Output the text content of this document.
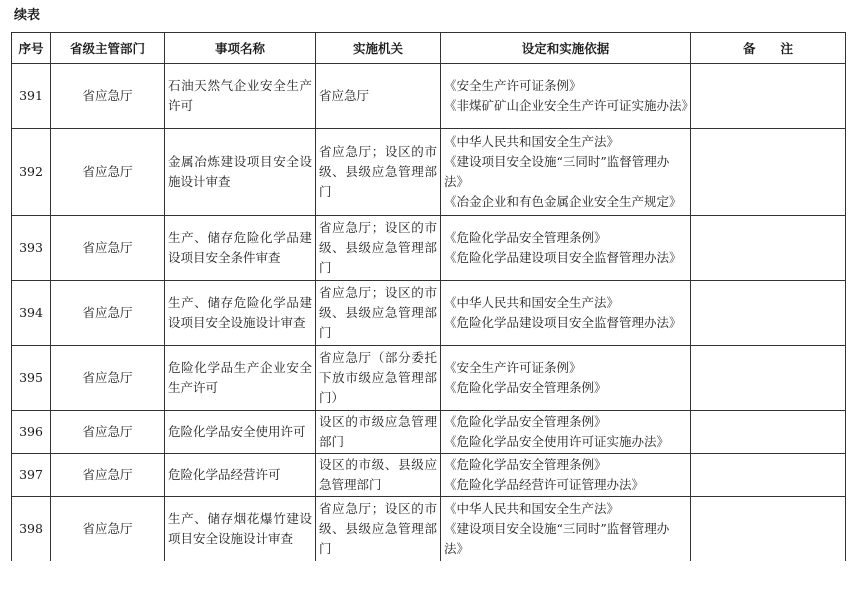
续表
序号	省级主管部门	事项名称	实施机关	设定和实施依据	备　　注
391	省应急厅	石油天然气企业安全生产许可	省应急厅	《安全生产许可证条例》
《非煤矿矿山企业安全生产许可证实施办法》	

392	省应急厅	金属冶炼建设项目安全设施设计审查	省应急厅；设区的市级、县级应急管理部门	《中华人民共和国安全生产法》
《建设项目安全设施“三同时”监督管理办法》
《冶金企业和有色金属企业安全生产规定》	

393	省应急厅	生产、储存危险化学品建设项目安全条件审查	省应急厅；设区的市级、县级应急管理部门	《危险化学品安全管理条例》
《危险化学品建设项目安全监督管理办法》	

394	省应急厅	生产、储存危险化学品建设项目安全设施设计审查	省应急厅；设区的市级、县级应急管理部门	《中华人民共和国安全生产法》
《危险化学品建设项目安全监督管理办法》	

395	省应急厅	危险化学品生产企业安全生产许可	省应急厅（部分委托下放市级应急管理部门）	《安全生产许可证条例》
《危险化学品安全管理条例》	

396	省应急厅	危险化学品安全使用许可	设区的市级应急管理部门	《危险化学品安全管理条例》
《危险化学品安全使用许可证实施办法》	

397	省应急厅	危险化学品经营许可	设区的市级、县级应急管理部门	《危险化学品安全管理条例》
《危险化学品经营许可证管理办法》	

398	省应急厅	生产、储存烟花爆竹建设项目安全设施设计审查	省应急厅；设区的市级、县级应急管理部门	《中华人民共和国安全生产法》
《建设项目安全设施“三同时”监督管理办法》	
